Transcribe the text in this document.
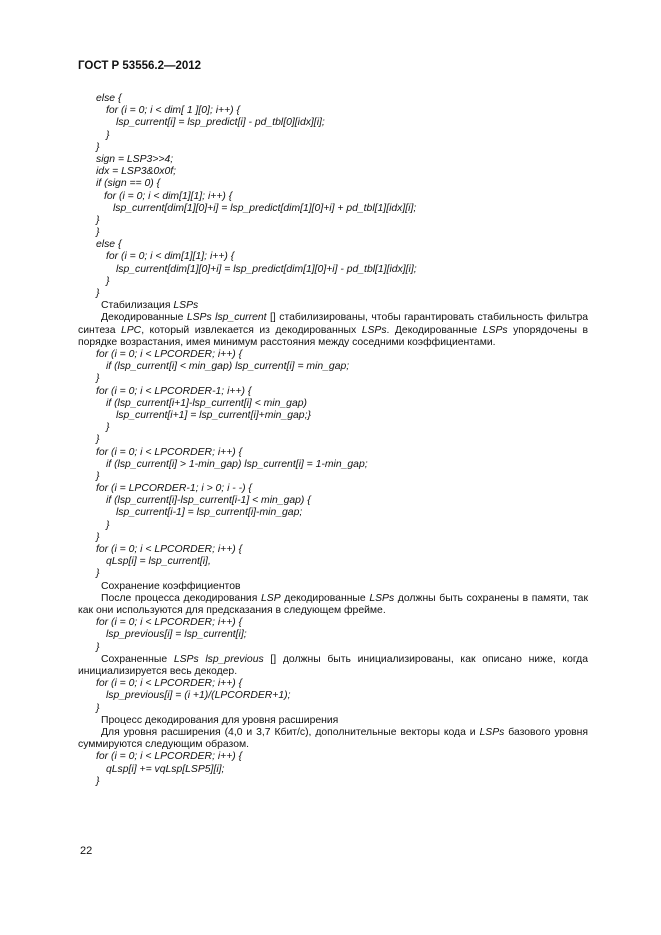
ГОСТ Р 53556.2—2012
else {
for (i = 0; i < dim[ 1 ][0]; i++) {
lsp_current[i] = lsp_predict[i] - pd_tbl[0][idx][i];
}
}
sign = LSP3>>4;
idx = LSP3&0x0f;
if (sign == 0) {
for (i = 0; i < dim[1][1]; i++) {
lsp_current[dim[1][0]+i] = lsp_predict[dim[1][0]+i] + pd_tbl[1][idx][i];
}
}
else {
for (i = 0; i < dim[1][1]; i++) {
lsp_current[dim[1][0]+i] = lsp_predict[dim[1][0]+i] - pd_tbl[1][idx][i];
}
}
Стабилизация LSPs
Декодированные LSPs lsp_current [] стабилизированы, чтобы гарантировать стабильность фильтра синтеза LPC, который извлекается из декодированных LSPs. Декодированные LSPs упорядочены в порядке возрастания, имея минимум расстояния между соседними коэффициентами.
for (i = 0; i < LPCORDER; i++) {
if (lsp_current[i] < min_gap) lsp_current[i] = min_gap;
}
for (i = 0; i < LPCORDER-1; i++) {
if (lsp_current[i+1]-lsp_current[i] < min_gap)
lsp_current[i+1] = lsp_current[i]+min_gap;}
}
}
for (i = 0; i < LPCORDER; i++) {
if (lsp_current[i] > 1-min_gap) lsp_current[i] = 1-min_gap;
}
for (i = LPCORDER-1; i > 0; i - -) {
if (lsp_current[i]-lsp_current[i-1] < min_gap) {
lsp_current[i-1] = lsp_current[i]-min_gap;
}
}
for (i = 0; i < LPCORDER; i++) {
qLsp[i] = lsp_current[i],
}
Сохранение коэффициентов
После процесса декодирования LSP декодированные LSPs должны быть сохранены в памяти, так как они используются для предсказания в следующем фрейме.
for (i = 0; i < LPCORDER; i++) {
lsp_previous[i] = lsp_current[i];
}
Сохраненные LSPs lsp_previous [] должны быть инициализированы, как описано ниже, когда инициализируется весь декодер.
for (i = 0; i < LPCORDER; i++) {
lsp_previous[i] = (i +1)/(LPCORDER+1);
}
Процесс декодирования для уровня расширения
Для уровня расширения (4,0 и 3,7 Кбит/с), дополнительные векторы кода и LSPs базового уровня суммируются следующим образом.
for (i = 0; i < LPCORDER; i++) {
qLsp[i] += vqLsp[LSP5][i];
}
22
